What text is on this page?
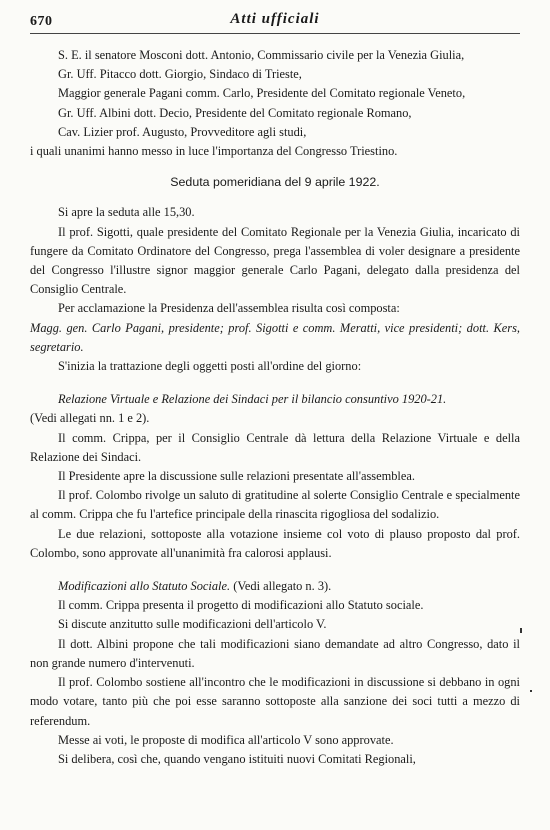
670	Atti ufficiali

S. E. il senatore Mosconi dott. Antonio, Commissario civile per la Venezia Giulia,

Gr. Uff. Pitacco dott. Giorgio, Sindaco di Trieste,

Maggior generale Pagani comm. Carlo, Presidente del Comitato regionale Veneto,

Gr. Uff. Albini dott. Decio, Presidente del Comitato regionale Romano,

Cav. Lizier prof. Augusto, Provveditore agli studi,

i quali unanimi hanno messo in luce l'importanza del Congresso Triestino.

Seduta pomeridiana del 9 aprile 1922.

Si apre la seduta alle 15,30.

Il prof. Sigotti, quale presidente del Comitato Regionale per la Venezia Giulia, incaricato di fungere da Comitato Ordinatore del Congresso, prega l'assemblea di voler designare a presidente del Congresso l'illustre signor maggior generale Carlo Pagani, delegato dalla presidenza del Consiglio Centrale.

Per acclamazione la Presidenza dell'assemblea risulta così composta:

Magg. gen. Carlo Pagani, presidente; prof. Sigotti e comm. Meratti, vice presidenti; dott. Kers, segretario.

S'inizia la trattazione degli oggetti posti all'ordine del giorno:

Relazione Virtuale e Relazione dei Sindaci per il bilancio consuntivo 1920-21.

(Vedi allegati nn. 1 e 2).

Il comm. Crippa, per il Consiglio Centrale dà lettura della Relazione Virtuale e della Relazione dei Sindaci.

Il Presidente apre la discussione sulle relazioni presentate all'assemblea.

Il prof. Colombo rivolge un saluto di gratitudine al solerte Consiglio Centrale e specialmente al comm. Crippa che fu l'artefice principale della rinascita rigogliosa del sodalizio.

Le due relazioni, sottoposte alla votazione insieme col voto di plauso proposto dal prof. Colombo, sono approvate all'unanimità fra calorosi applausi.

Modificazioni allo Statuto Sociale. (Vedi allegato n. 3).

Il comm. Crippa presenta il progetto di modificazioni allo Statuto sociale.

Si discute anzitutto sulle modificazioni dell'articolo V.

Il dott. Albini propone che tali modificazioni siano demandate ad altro Congresso, dato il non grande numero d'intervenuti.

Il prof. Colombo sostiene all'incontro che le modificazioni in discussione si debbano in ogni modo votare, tanto più che poi esse saranno sottoposte alla sanzione dei soci tutti a mezzo di referendum.

Messe ai voti, le proposte di modifica all'articolo V sono approvate.

Si delibera, così che, quando vengano istituiti nuovi Comitati Regionali,
